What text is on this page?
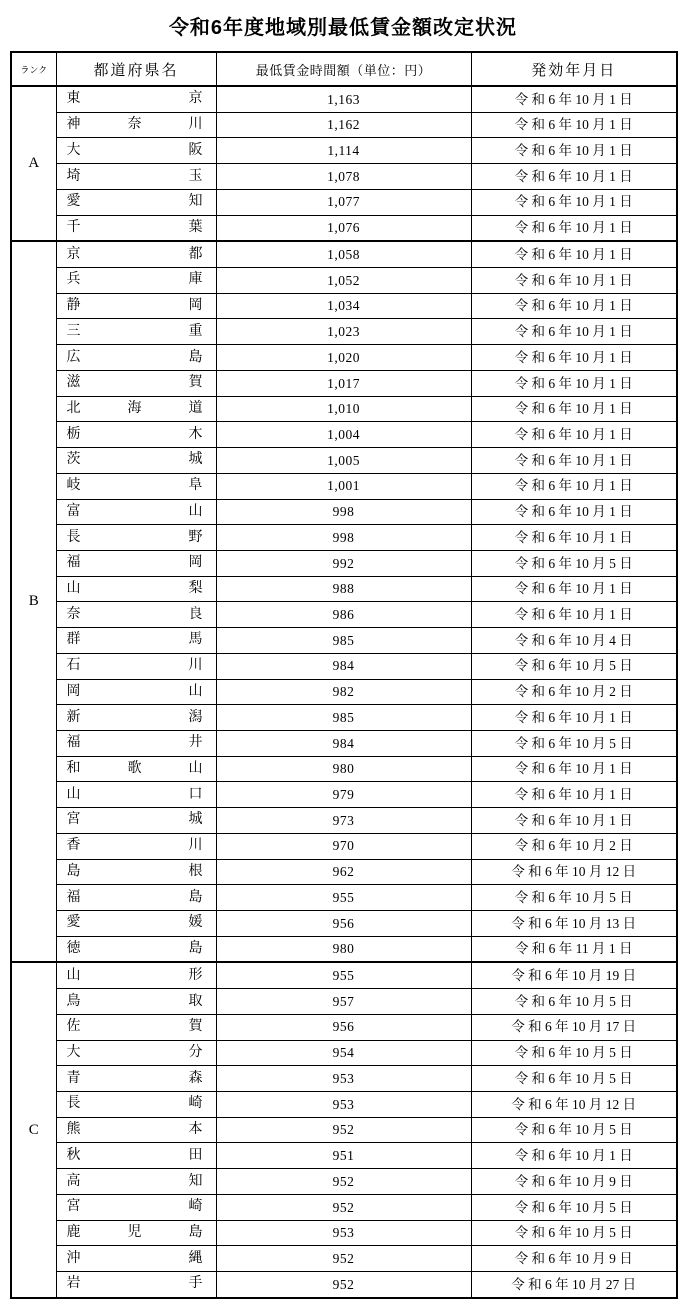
令和6年度地域別最低賃金額改定状況
ランク	都道府県名	最低賃金時間額（単位：円）	発効年月日
A	東 京	1,163	令 和 6 年 10 月 1 日

	神 奈 川	1,162	令 和 6 年 10 月 1 日

	大 阪	1,114	令 和 6 年 10 月 1 日

	埼 玉	1,078	令 和 6 年 10 月 1 日

	愛 知	1,077	令 和 6 年 10 月 1 日

	千 葉	1,076	令 和 6 年 10 月 1 日
B	京 都	1,058	令 和 6 年 10 月 1 日

	兵 庫	1,052	令 和 6 年 10 月 1 日

	静 岡	1,034	令 和 6 年 10 月 1 日

	三 重	1,023	令 和 6 年 10 月 1 日

	広 島	1,020	令 和 6 年 10 月 1 日

	滋 賀	1,017	令 和 6 年 10 月 1 日

	北 海 道	1,010	令 和 6 年 10 月 1 日

	栃 木	1,004	令 和 6 年 10 月 1 日

	茨 城	1,005	令 和 6 年 10 月 1 日

	岐 阜	1,001	令 和 6 年 10 月 1 日

	富 山	998	令 和 6 年 10 月 1 日

	長 野	998	令 和 6 年 10 月 1 日

	福 岡	992	令 和 6 年 10 月 5 日

	山 梨	988	令 和 6 年 10 月 1 日

	奈 良	986	令 和 6 年 10 月 1 日

	群 馬	985	令 和 6 年 10 月 4 日

	石 川	984	令 和 6 年 10 月 5 日

	岡 山	982	令 和 6 年 10 月 2 日

	新 潟	985	令 和 6 年 10 月 1 日

	福 井	984	令 和 6 年 10 月 5 日

	和 歌 山	980	令 和 6 年 10 月 1 日

	山 口	979	令 和 6 年 10 月 1 日

	宮 城	973	令 和 6 年 10 月 1 日

	香 川	970	令 和 6 年 10 月 2 日

	島 根	962	令 和 6 年 10 月 12 日

	福 島	955	令 和 6 年 10 月 5 日

	愛 媛	956	令 和 6 年 10 月 13 日

	徳 島	980	令 和 6 年 11 月 1 日
C	山 形	955	令 和 6 年 10 月 19 日

	鳥 取	957	令 和 6 年 10 月 5 日

	佐 賀	956	令 和 6 年 10 月 17 日

	大 分	954	令 和 6 年 10 月 5 日

	青 森	953	令 和 6 年 10 月 5 日

	長 崎	953	令 和 6 年 10 月 12 日

	熊 本	952	令 和 6 年 10 月 5 日

	秋 田	951	令 和 6 年 10 月 1 日

	高 知	952	令 和 6 年 10 月 9 日

	宮 崎	952	令 和 6 年 10 月 5 日

	鹿 児 島	953	令 和 6 年 10 月 5 日

	沖 縄	952	令 和 6 年 10 月 9 日

	岩 手	952	令 和 6 年 10 月 27 日
